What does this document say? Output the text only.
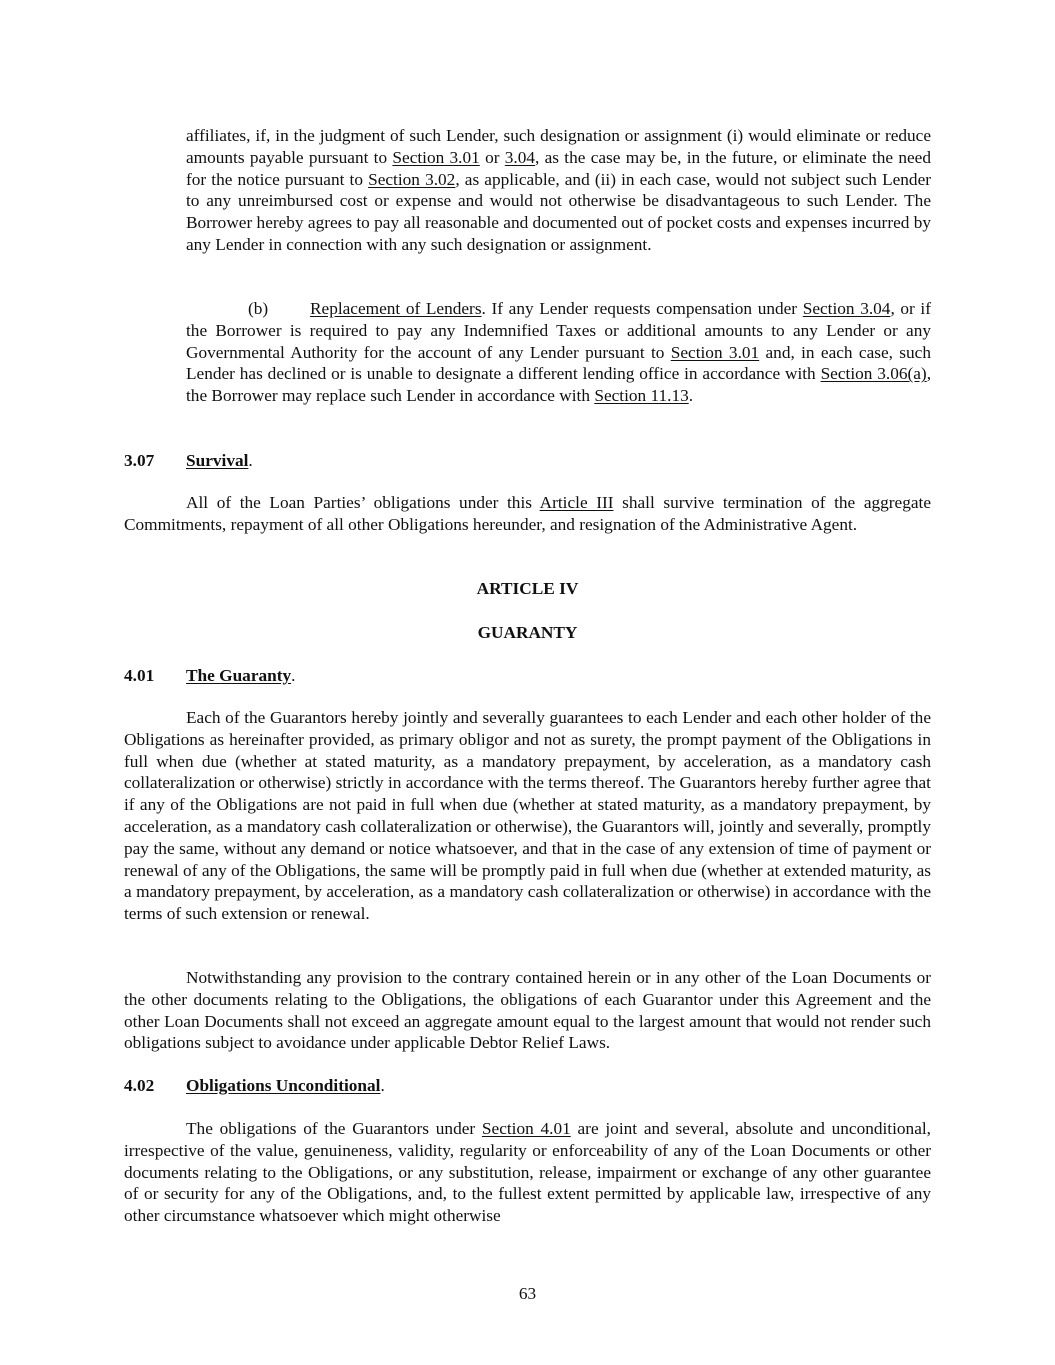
affiliates, if, in the judgment of such Lender, such designation or assignment (i) would eliminate or reduce amounts payable pursuant to Section 3.01 or 3.04, as the case may be, in the future, or eliminate the need for the notice pursuant to Section 3.02, as applicable, and (ii) in each case, would not subject such Lender to any unreimbursed cost or expense and would not otherwise be disadvantageous to such Lender. The Borrower hereby agrees to pay all reasonable and documented out of pocket costs and expenses incurred by any Lender in connection with any such designation or assignment.

(b) Replacement of Lenders. If any Lender requests compensation under Section 3.04, or if the Borrower is required to pay any Indemnified Taxes or additional amounts to any Lender or any Governmental Authority for the account of any Lender pursuant to Section 3.01 and, in each case, such Lender has declined or is unable to designate a different lending office in accordance with Section 3.06(a), the Borrower may replace such Lender in accordance with Section 11.13.

3.07 Survival.

All of the Loan Parties’ obligations under this Article III shall survive termination of the aggregate Commitments, repayment of all other Obligations hereunder, and resignation of the Administrative Agent.

ARTICLE IV

GUARANTY

4.01 The Guaranty.

Each of the Guarantors hereby jointly and severally guarantees to each Lender and each other holder of the Obligations as hereinafter provided, as primary obligor and not as surety, the prompt payment of the Obligations in full when due (whether at stated maturity, as a mandatory prepayment, by acceleration, as a mandatory cash collateralization or otherwise) strictly in accordance with the terms thereof. The Guarantors hereby further agree that if any of the Obligations are not paid in full when due (whether at stated maturity, as a mandatory prepayment, by acceleration, as a mandatory cash collateralization or otherwise), the Guarantors will, jointly and severally, promptly pay the same, without any demand or notice whatsoever, and that in the case of any extension of time of payment or renewal of any of the Obligations, the same will be promptly paid in full when due (whether at extended maturity, as a mandatory prepayment, by acceleration, as a mandatory cash collateralization or otherwise) in accordance with the terms of such extension or renewal.

Notwithstanding any provision to the contrary contained herein or in any other of the Loan Documents or the other documents relating to the Obligations, the obligations of each Guarantor under this Agreement and the other Loan Documents shall not exceed an aggregate amount equal to the largest amount that would not render such obligations subject to avoidance under applicable Debtor Relief Laws.

4.02 Obligations Unconditional.

The obligations of the Guarantors under Section 4.01 are joint and several, absolute and unconditional, irrespective of the value, genuineness, validity, regularity or enforceability of any of the Loan Documents or other documents relating to the Obligations, or any substitution, release, impairment or exchange of any other guarantee of or security for any of the Obligations, and, to the fullest extent permitted by applicable law, irrespective of any other circumstance whatsoever which might otherwise

63
